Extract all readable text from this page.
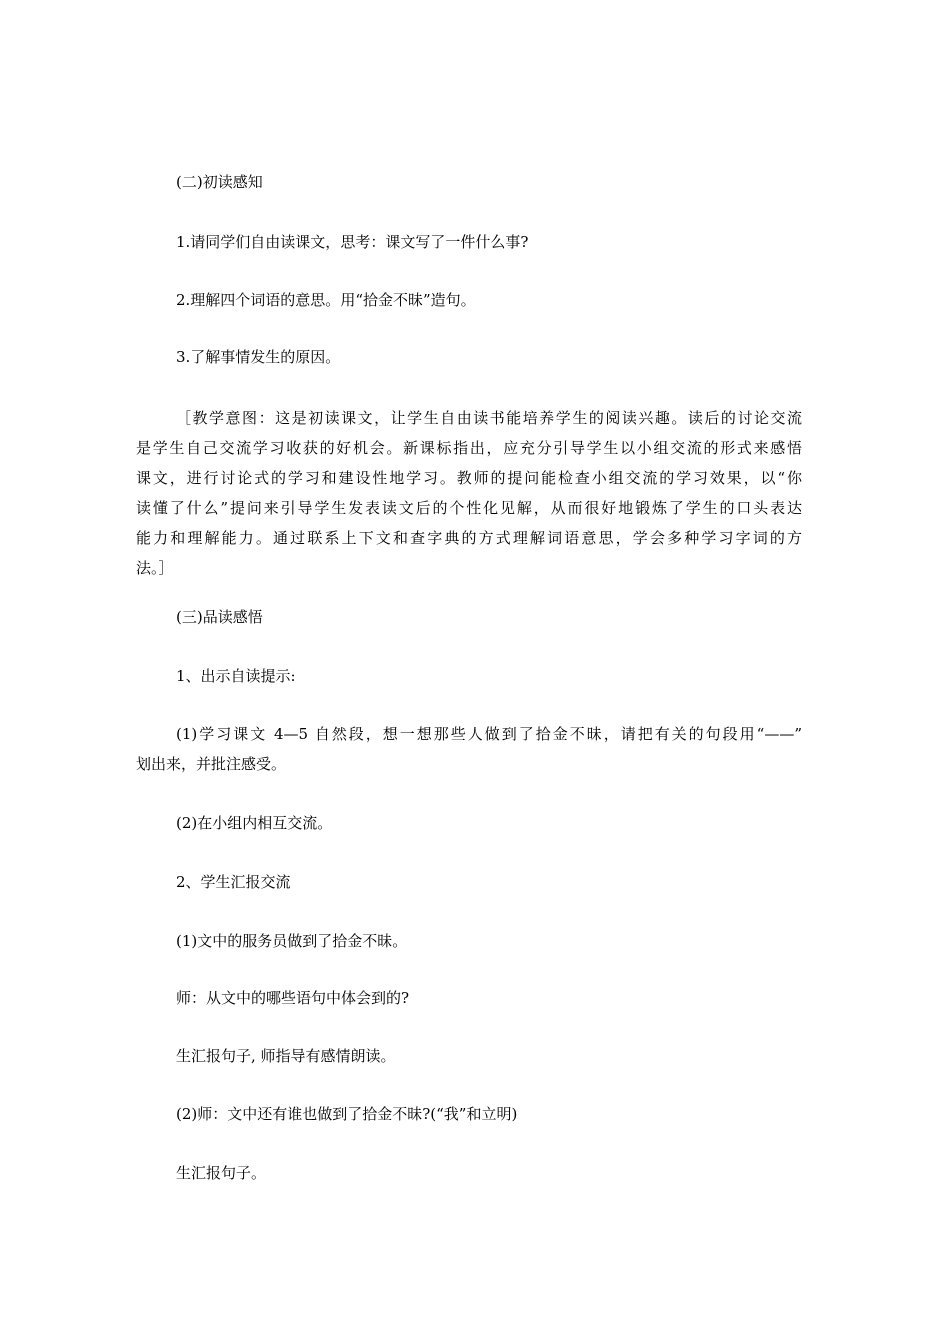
(二)初读感知
1.请同学们自由读课文，思考：课文写了一件什么事?
2.理解四个词语的意思。用“拾金不昧”造句。
3.了解事情发生的原因。
［教学意图：这是初读课文，让学生自由读书能培养学生的阅读兴趣。读后的讨论交流
是学生自己交流学习收获的好机会。新课标指出，应充分引导学生以小组交流的形式来感悟
课文，进行讨论式的学习和建设性地学习。教师的提问能检查小组交流的学习效果，以“你
读懂了什么”提问来引导学生发表读文后的个性化见解，从而很好地锻炼了学生的口头表达
能力和理解能力。通过联系上下文和查字典的方式理解词语意思，学会多种学习字词的方
法。］
(三)品读感悟
1、出示自读提示:
(1)学习课文 4—5 自然段，想一想那些人做到了拾金不昧，请把有关的句段用“——”
划出来，并批注感受。
(2)在小组内相互交流。
2、学生汇报交流
(1)文中的服务员做到了拾金不昧。
师：从文中的哪些语句中体会到的?
生汇报句子, 师指导有感情朗读。
(2)师：文中还有谁也做到了拾金不昧?(“我”和立明)
生汇报句子。
